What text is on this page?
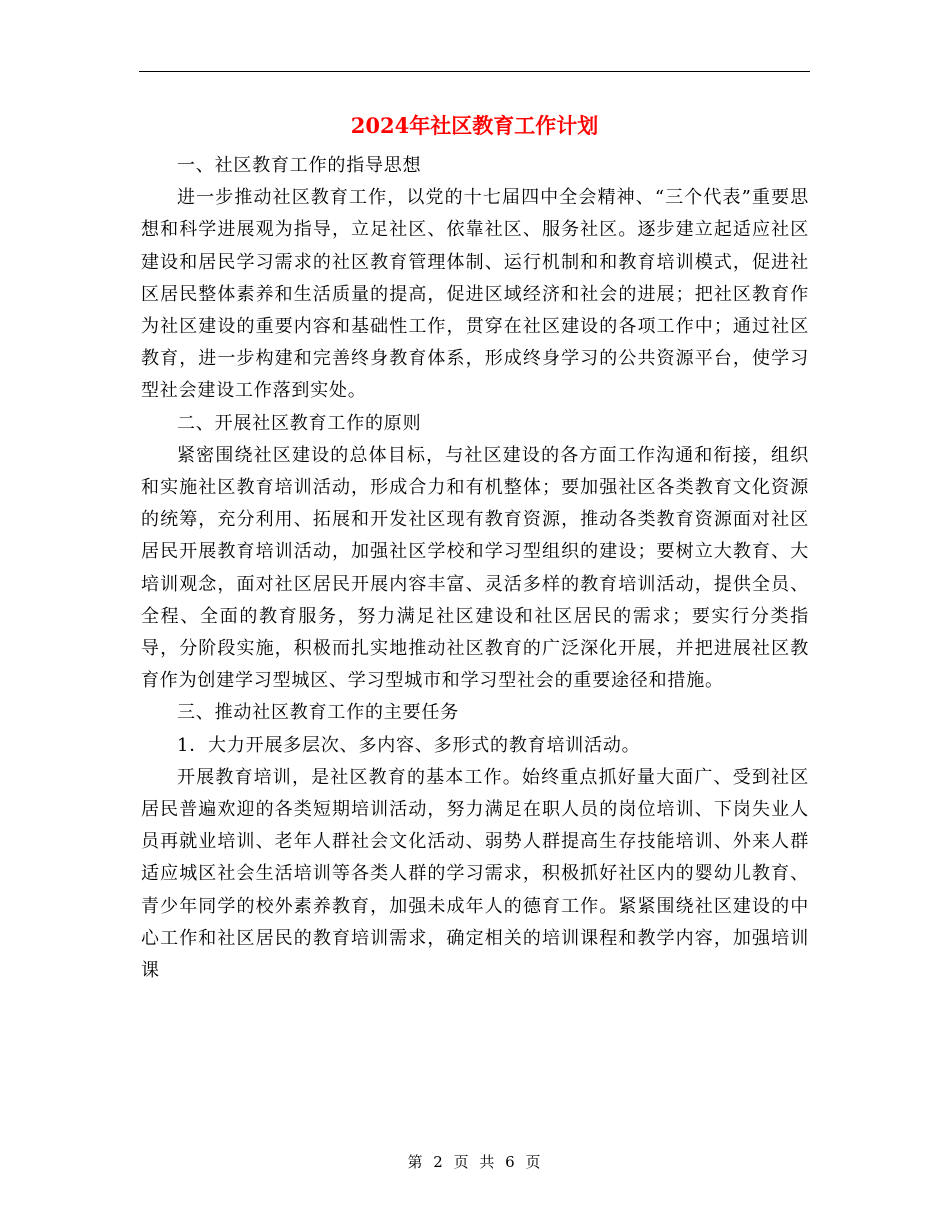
2024年社区教育工作计划

一、社区教育工作的指导思想

进一步推动社区教育工作，以党的十七届四中全会精神、“三个代表”重要思想和科学进展观为指导，立足社区、依靠社区、服务社区。逐步建立起适应社区建设和居民学习需求的社区教育管理体制、运行机制和和教育培训模式，促进社区居民整体素养和生活质量的提高，促进区域经济和社会的进展；把社区教育作为社区建设的重要内容和基础性工作，贯穿在社区建设的各项工作中；通过社区教育，进一步构建和完善终身教育体系，形成终身学习的公共资源平台，使学习型社会建设工作落到实处。

二、开展社区教育工作的原则

紧密围绕社区建设的总体目标，与社区建设的各方面工作沟通和衔接，组织和实施社区教育培训活动，形成合力和有机整体；要加强社区各类教育文化资源的统筹，充分利用、拓展和开发社区现有教育资源，推动各类教育资源面对社区居民开展教育培训活动，加强社区学校和学习型组织的建设；要树立大教育、大培训观念，面对社区居民开展内容丰富、灵活多样的教育培训活动，提供全员、全程、全面的教育服务，努力满足社区建设和社区居民的需求；要实行分类指导，分阶段实施，积极而扎实地推动社区教育的广泛深化开展，并把进展社区教育作为创建学习型城区、学习型城市和学习型社会的重要途径和措施。

三、推动社区教育工作的主要任务

1．大力开展多层次、多内容、多形式的教育培训活动。

开展教育培训，是社区教育的基本工作。始终重点抓好量大面广、受到社区居民普遍欢迎的各类短期培训活动，努力满足在职人员的岗位培训、下岗失业人员再就业培训、老年人群社会文化活动、弱势人群提高生存技能培训、外来人群适应城区社会生活培训等各类人群的学习需求，积极抓好社区内的婴幼儿教育、青少年同学的校外素养教育，加强未成年人的德育工作。紧紧围绕社区建设的中心工作和社区居民的教育培训需求，确定相关的培训课程和教学内容，加强培训课

第 2 页 共 6 页
